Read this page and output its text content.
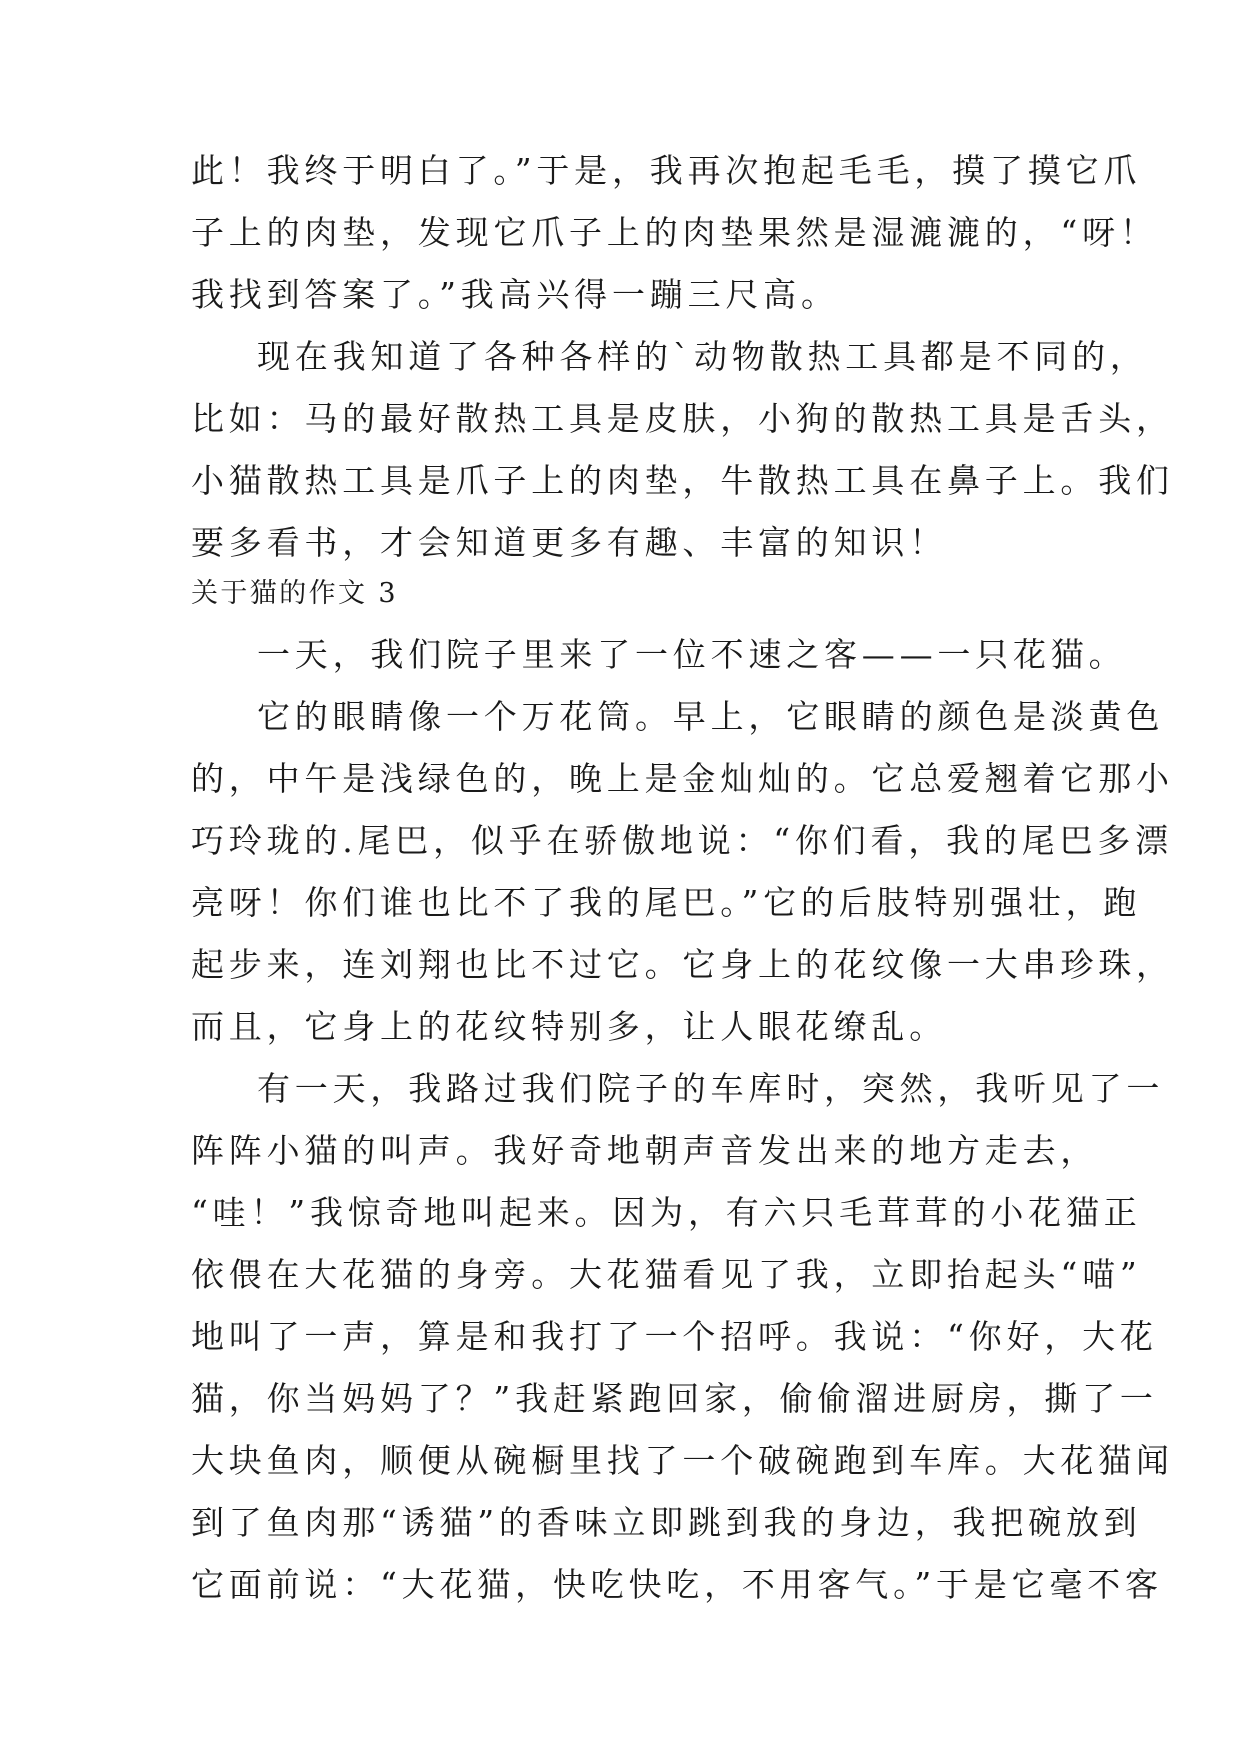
此！我终于明白了。”于是，我再次抱起毛毛，摸了摸它爪
子上的肉垫，发现它爪子上的肉垫果然是湿漉漉的，“呀！
我找到答案了。”我高兴得一蹦三尺高。
现在我知道了各种各样的`动物散热工具都是不同的，
比如：马的最好散热工具是皮肤，小狗的散热工具是舌头，
小猫散热工具是爪子上的肉垫，牛散热工具在鼻子上。我们
要多看书，才会知道更多有趣、丰富的知识！
关于猫的作文 3
一天，我们院子里来了一位不速之客——一只花猫。
它的眼睛像一个万花筒。早上，它眼睛的颜色是淡黄色
的，中午是浅绿色的，晚上是金灿灿的。它总爱翘着它那小
巧玲珑的.尾巴，似乎在骄傲地说：“你们看，我的尾巴多漂
亮呀！你们谁也比不了我的尾巴。”它的后肢特别强壮，跑
起步来，连刘翔也比不过它。它身上的花纹像一大串珍珠，
而且，它身上的花纹特别多，让人眼花缭乱。
有一天，我路过我们院子的车库时，突然，我听见了一
阵阵小猫的叫声。我好奇地朝声音发出来的地方走去，
“哇！”我惊奇地叫起来。因为，有六只毛茸茸的小花猫正
依偎在大花猫的身旁。大花猫看见了我，立即抬起头“喵”
地叫了一声，算是和我打了一个招呼。我说：“你好，大花
猫，你当妈妈了？”我赶紧跑回家，偷偷溜进厨房，撕了一
大块鱼肉，顺便从碗橱里找了一个破碗跑到车库。大花猫闻
到了鱼肉那“诱猫”的香味立即跳到我的身边，我把碗放到
它面前说：“大花猫，快吃快吃，不用客气。”于是它毫不客
